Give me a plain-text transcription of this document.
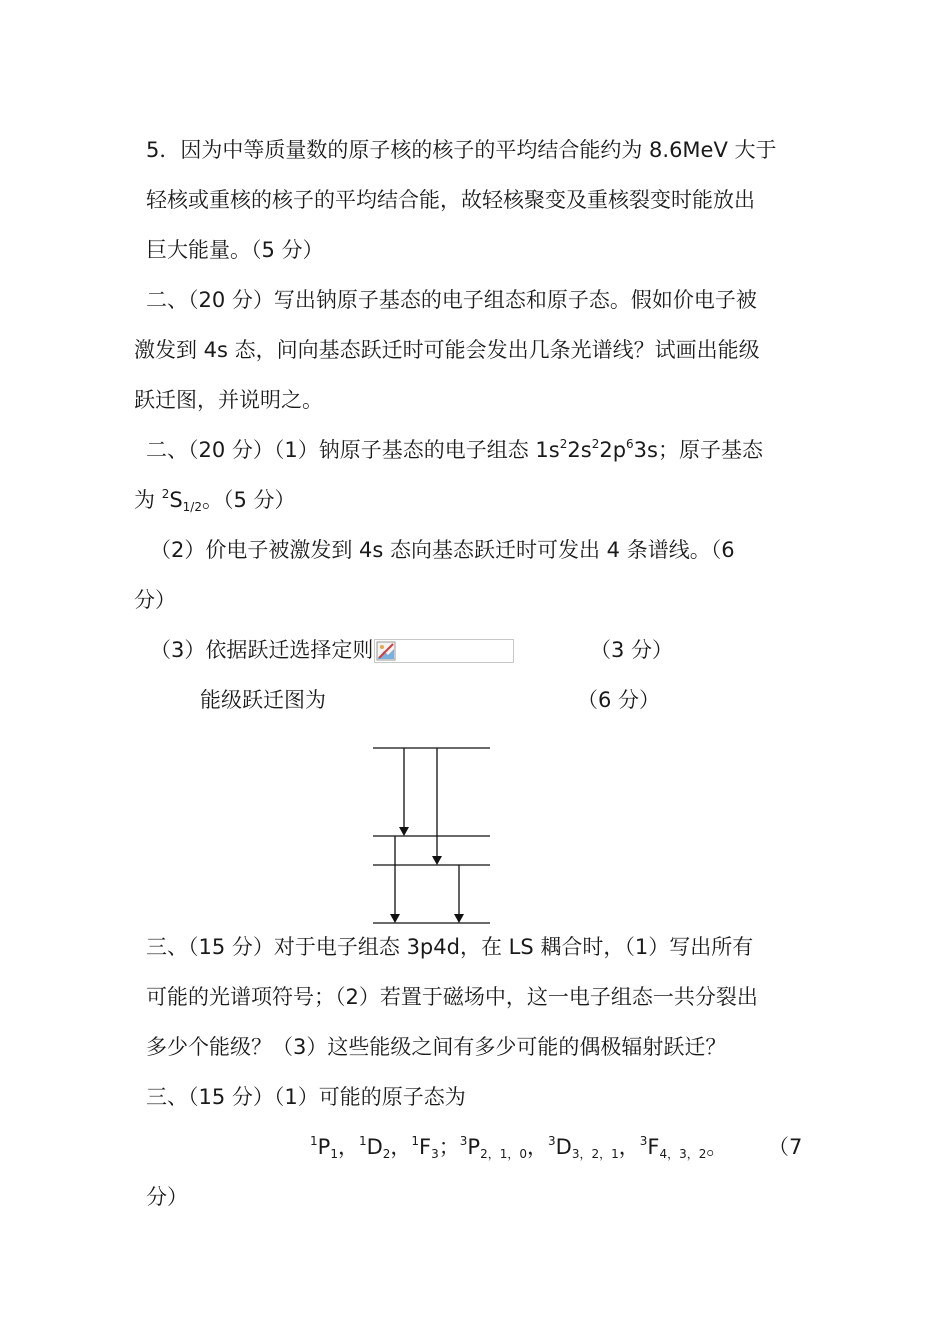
5．因为中等质量数的原子核的核子的平均结合能约为 8.6MeV 大于
轻核或重核的核子的平均结合能，故轻核聚变及重核裂变时能放出
巨大能量。（5 分）
二、（20 分）写出钠原子基态的电子组态和原子态。假如价电子被
激发到 4s 态，问向基态跃迁时可能会发出几条光谱线？试画出能级
跃迁图，并说明之。
二、（20 分）（1）钠原子基态的电子组态 $1s^22s^22p^63s$；原子基态
为 $^2S_{1/2}$。（5 分）
（2）价电子被激发到 4s 态向基态跃迁时可发出 4 条谱线。（6
分）
（3）依据跃迁选择定则	（3 分）
能级跃迁图为	（6 分）
三、（15 分）对于电子组态 3p4d，在 LS 耦合时，（1）写出所有
可能的光谱项符号；（2）若置于磁场中，这一电子组态一共分裂出
多少个能级？（3）这些能级之间有多少可能的偶极辐射跃迁？
三、（15 分）（1）可能的原子态为
$^1P_1$，$^1D_2$，$^1F_3$；$^3P_{2,1,0}$，$^3D_{3,2,1}$，$^3F_{4,3,2}$。 （7
分）
